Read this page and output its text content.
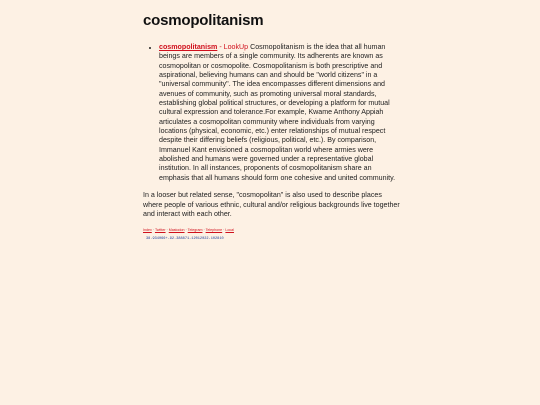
cosmopolitanism
• cosmopolitanism - LookUp Cosmopolitanism is the idea that all human beings are members of a single community. Its adherents are known as cosmopolitan or cosmopolite. Cosmopolitanism is both prescriptive and aspirational, believing humans can and should be "world citizens" in a "universal community". The idea encompasses different dimensions and avenues of community, such as promoting universal moral standards, establishing global political structures, or developing a platform for mutual cultural expression and tolerance.For example, Kwame Anthony Appiah articulates a cosmopolitan community where individuals from varying locations (physical, economic, etc.) enter relationships of mutual respect despite their differing beliefs (religious, political, etc.). By comparison, Immanuel Kant envisioned a cosmopolitan world where armies were abolished and humans were governed under a representative global institution. In all instances, proponents of cosmopolitanism share an emphasis that all humans should form one cohesive and united community.

In a looser but related sense, "cosmopolitan" is also used to describe places where people of various ethnic, cultural and/or religious backgrounds live together and interact with each other.

Index · Twitter · Mastodon · Telegram · Telephone · Local
38.934066+-92.388871-12012022-102810
